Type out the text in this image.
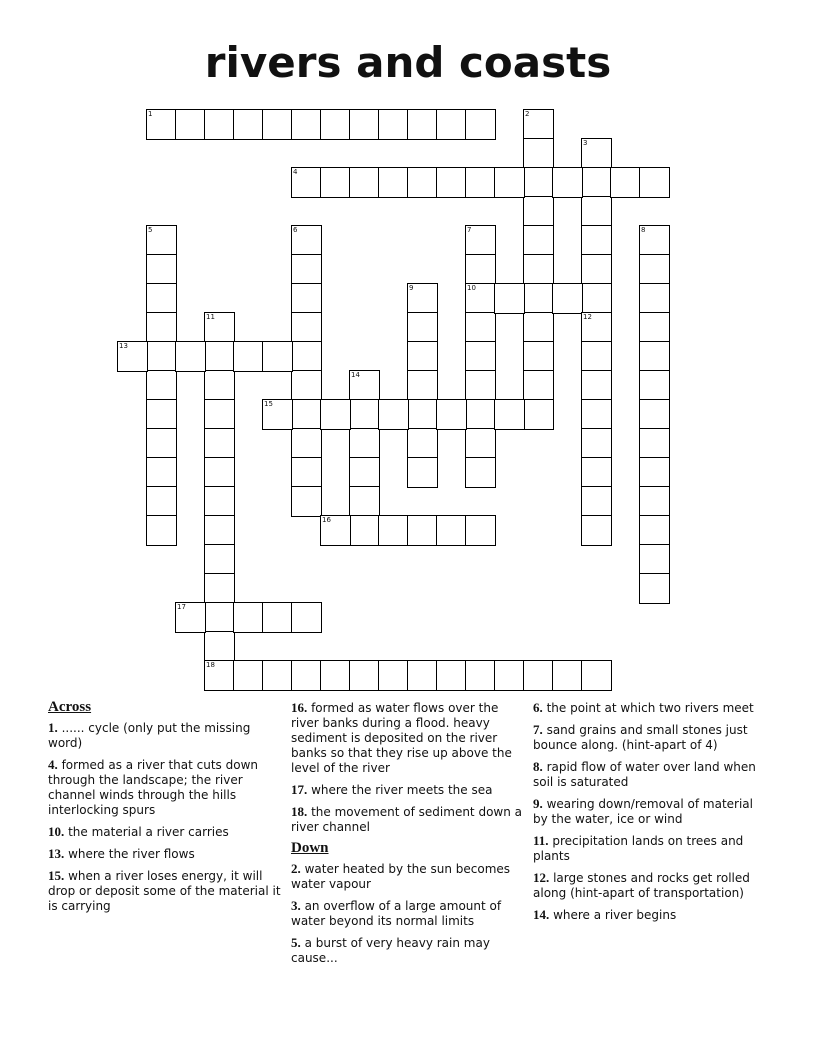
rivers and coasts
1	2
3
4
5	6	7
10
8
9
11
18
12
13
14
15
16
17
Across
1. ...... cycle (only put the missing word)
4. formed as a river that cuts down through the landscape; the river channel winds through the hills interlocking spurs
10. the material a river carries
13. where the river flows
15. when a river loses energy, it will drop or deposit some of the material it is carrying
16. formed as water flows over the river banks during a flood. heavy sediment is deposited on the river banks so that they rise up above the level of the river
17. where the river meets the sea
18. the movement of sediment down a river channel
Down
2. water heated by the sun becomes water vapour
3. an overflow of a large amount of water beyond its normal limits
5. a burst of very heavy rain may cause...
6. the point at which two rivers meet
7. sand grains and small stones just bounce along. (hint-apart of 4)
8. rapid flow of water over land when soil is saturated
9. wearing down/removal of material by the water, ice or wind
11. precipitation lands on trees and plants
12. large stones and rocks get rolled along (hint-apart of transportation)
14. where a river begins
